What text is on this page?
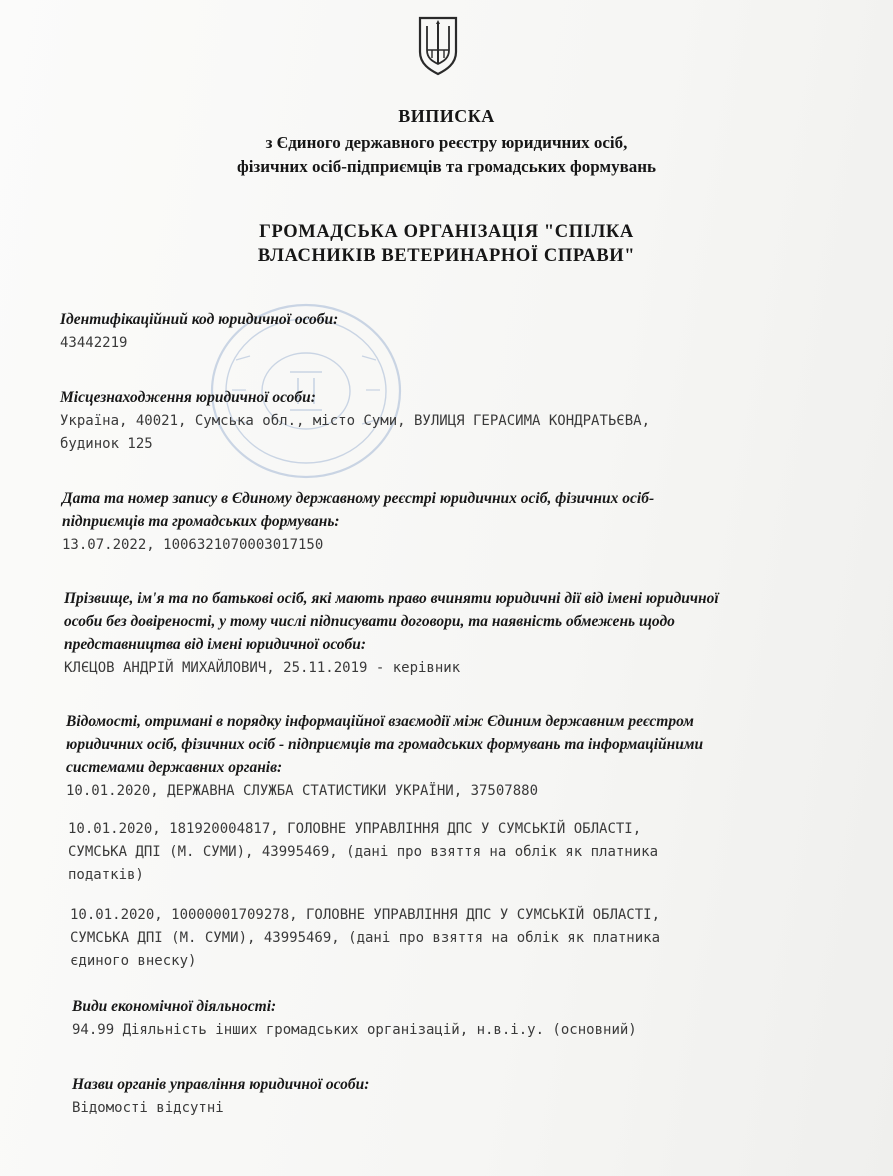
ВИПИСКА
з Єдиного державного реєстру юридичних осіб,
фізичних осіб-підприємців та громадських формувань
ГРОМАДСЬКА ОРГАНІЗАЦІЯ "СПІЛКА
ВЛАСНИКІВ ВЕТЕРИНАРНОЇ СПРАВИ"
Ідентифікаційний код юридичної особи:
43442219
Місцезнаходження юридичної особи:
Україна, 40021, Сумська обл., місто Суми, ВУЛИЦЯ ГЕРАСИМА КОНДРАТЬЄВА,
будинок 125
Дата та номер запису в Єдиному державному реєстрі юридичних осіб, фізичних осіб-
підприємців та громадських формувань:
13.07.2022, 1006321070003017150
Прізвище, ім'я та по батькові осіб, які мають право вчиняти юридичні дії від імені юридичної
особи без довіреності, у тому числі підписувати договори, та наявність обмежень щодо
представництва від імені юридичної особи:
КЛЄЦОВ АНДРІЙ МИХАЙЛОВИЧ, 25.11.2019 - керівник
Відомості, отримані в порядку інформаційної взаємодії між Єдиним державним реєстром
юридичних осіб, фізичних осіб - підприємців та громадських формувань та інформаційними
системами державних органів:
10.01.2020, ДЕРЖАВНА СЛУЖБА СТАТИСТИКИ УКРАЇНИ, 37507880
10.01.2020, 181920004817, ГОЛОВНЕ УПРАВЛІННЯ ДПС У СУМСЬКІЙ ОБЛАСТІ,
СУМСЬКА ДПІ (М. СУМИ), 43995469, (дані про взяття на облік як платника
податків)
10.01.2020, 10000001709278, ГОЛОВНЕ УПРАВЛІННЯ ДПС У СУМСЬКІЙ ОБЛАСТІ,
СУМСЬКА ДПІ (М. СУМИ), 43995469, (дані про взяття на облік як платника
єдиного внеску)
Види економічної діяльності:
94.99 Діяльність інших громадських організацій, н.в.і.у. (основний)
Назви органів управління юридичної особи:
Відомості відсутні
